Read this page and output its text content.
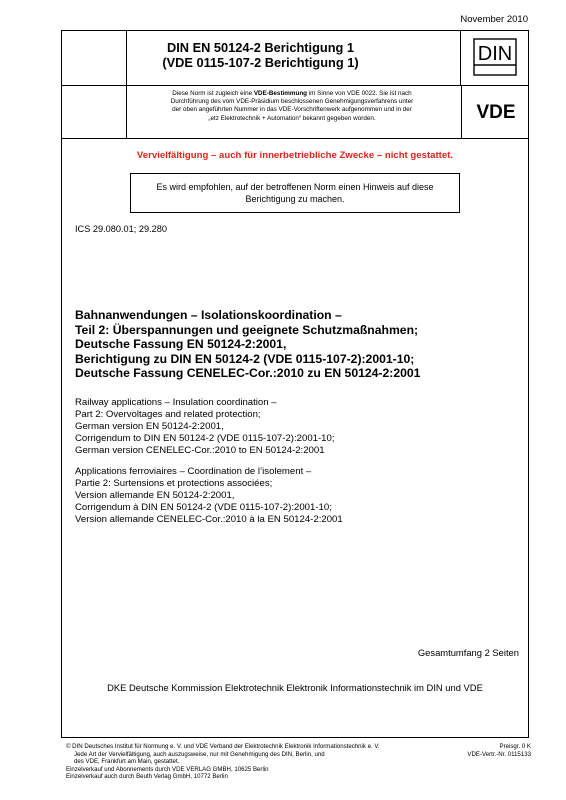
November 2010
DIN EN 50124-2 Berichtigung 1
(VDE 0115-107-2 Berichtigung 1)	DIN
Diese Norm ist zugleich eine VDE-Bestimmung im Sinne von VDE 0022. Sie ist nach
Durchführung des vom VDE-Präsidium beschlossenen Genehmigungsverfahrens unter
der oben angeführten Nummer in das VDE-Vorschriftenwerk aufgenommen und in der
„etz Elektrotechnik + Automation“ bekannt gegeben worden.	VDE
Vervielfältigung – auch für innerbetriebliche Zwecke – nicht gestattet.
Es wird empfohlen, auf der betroffenen Norm einen Hinweis auf diese
Berichtigung zu machen.
ICS 29.080.01; 29.280
Bahnanwendungen – Isolationskoordination –
Teil 2: Überspannungen und geeignete Schutzmaßnahmen;
Deutsche Fassung EN 50124-2:2001,
Berichtigung zu DIN EN 50124-2 (VDE 0115-107-2):2001-10;
Deutsche Fassung CENELEC-Cor.:2010 zu EN 50124-2:2001
Railway applications – Insulation coordination –
Part 2: Overvoltages and related protection;
German version EN 50124-2:2001,
Corrigendum to DIN EN 50124-2 (VDE 0115-107-2):2001-10;
German version CENELEC-Cor.:2010 to EN 50124-2:2001
Applications ferroviaires – Coordination de l’isolement –
Partie 2: Surtensions et protections associées;
Version allemande EN 50124-2:2001,
Corrigendum à DIN EN 50124-2 (VDE 0115-107-2):2001-10;
Version allemande CENELEC-Cor.:2010 à la EN 50124-2:2001
Gesamtumfang 2 Seiten
DKE Deutsche Kommission Elektrotechnik Elektronik Informationstechnik im DIN und VDE
© DIN Deutsches Institut für Normung e. V. und VDE Verband der Elektrotechnik Elektronik Informationstechnik e. V.
Jede Art der Vervielfältigung, auch auszugsweise, nur mit Genehmigung des DIN, Berlin, und
des VDE, Frankfurt am Main, gestattet.
Einzelverkauf und Abonnements durch VDE VERLAG GMBH, 10625 Berlin
Einzelverkauf auch durch Beuth Verlag GmbH, 10772 Berlin
Preisgr. 0 K
VDE-Vertr.-Nr. 0115133
